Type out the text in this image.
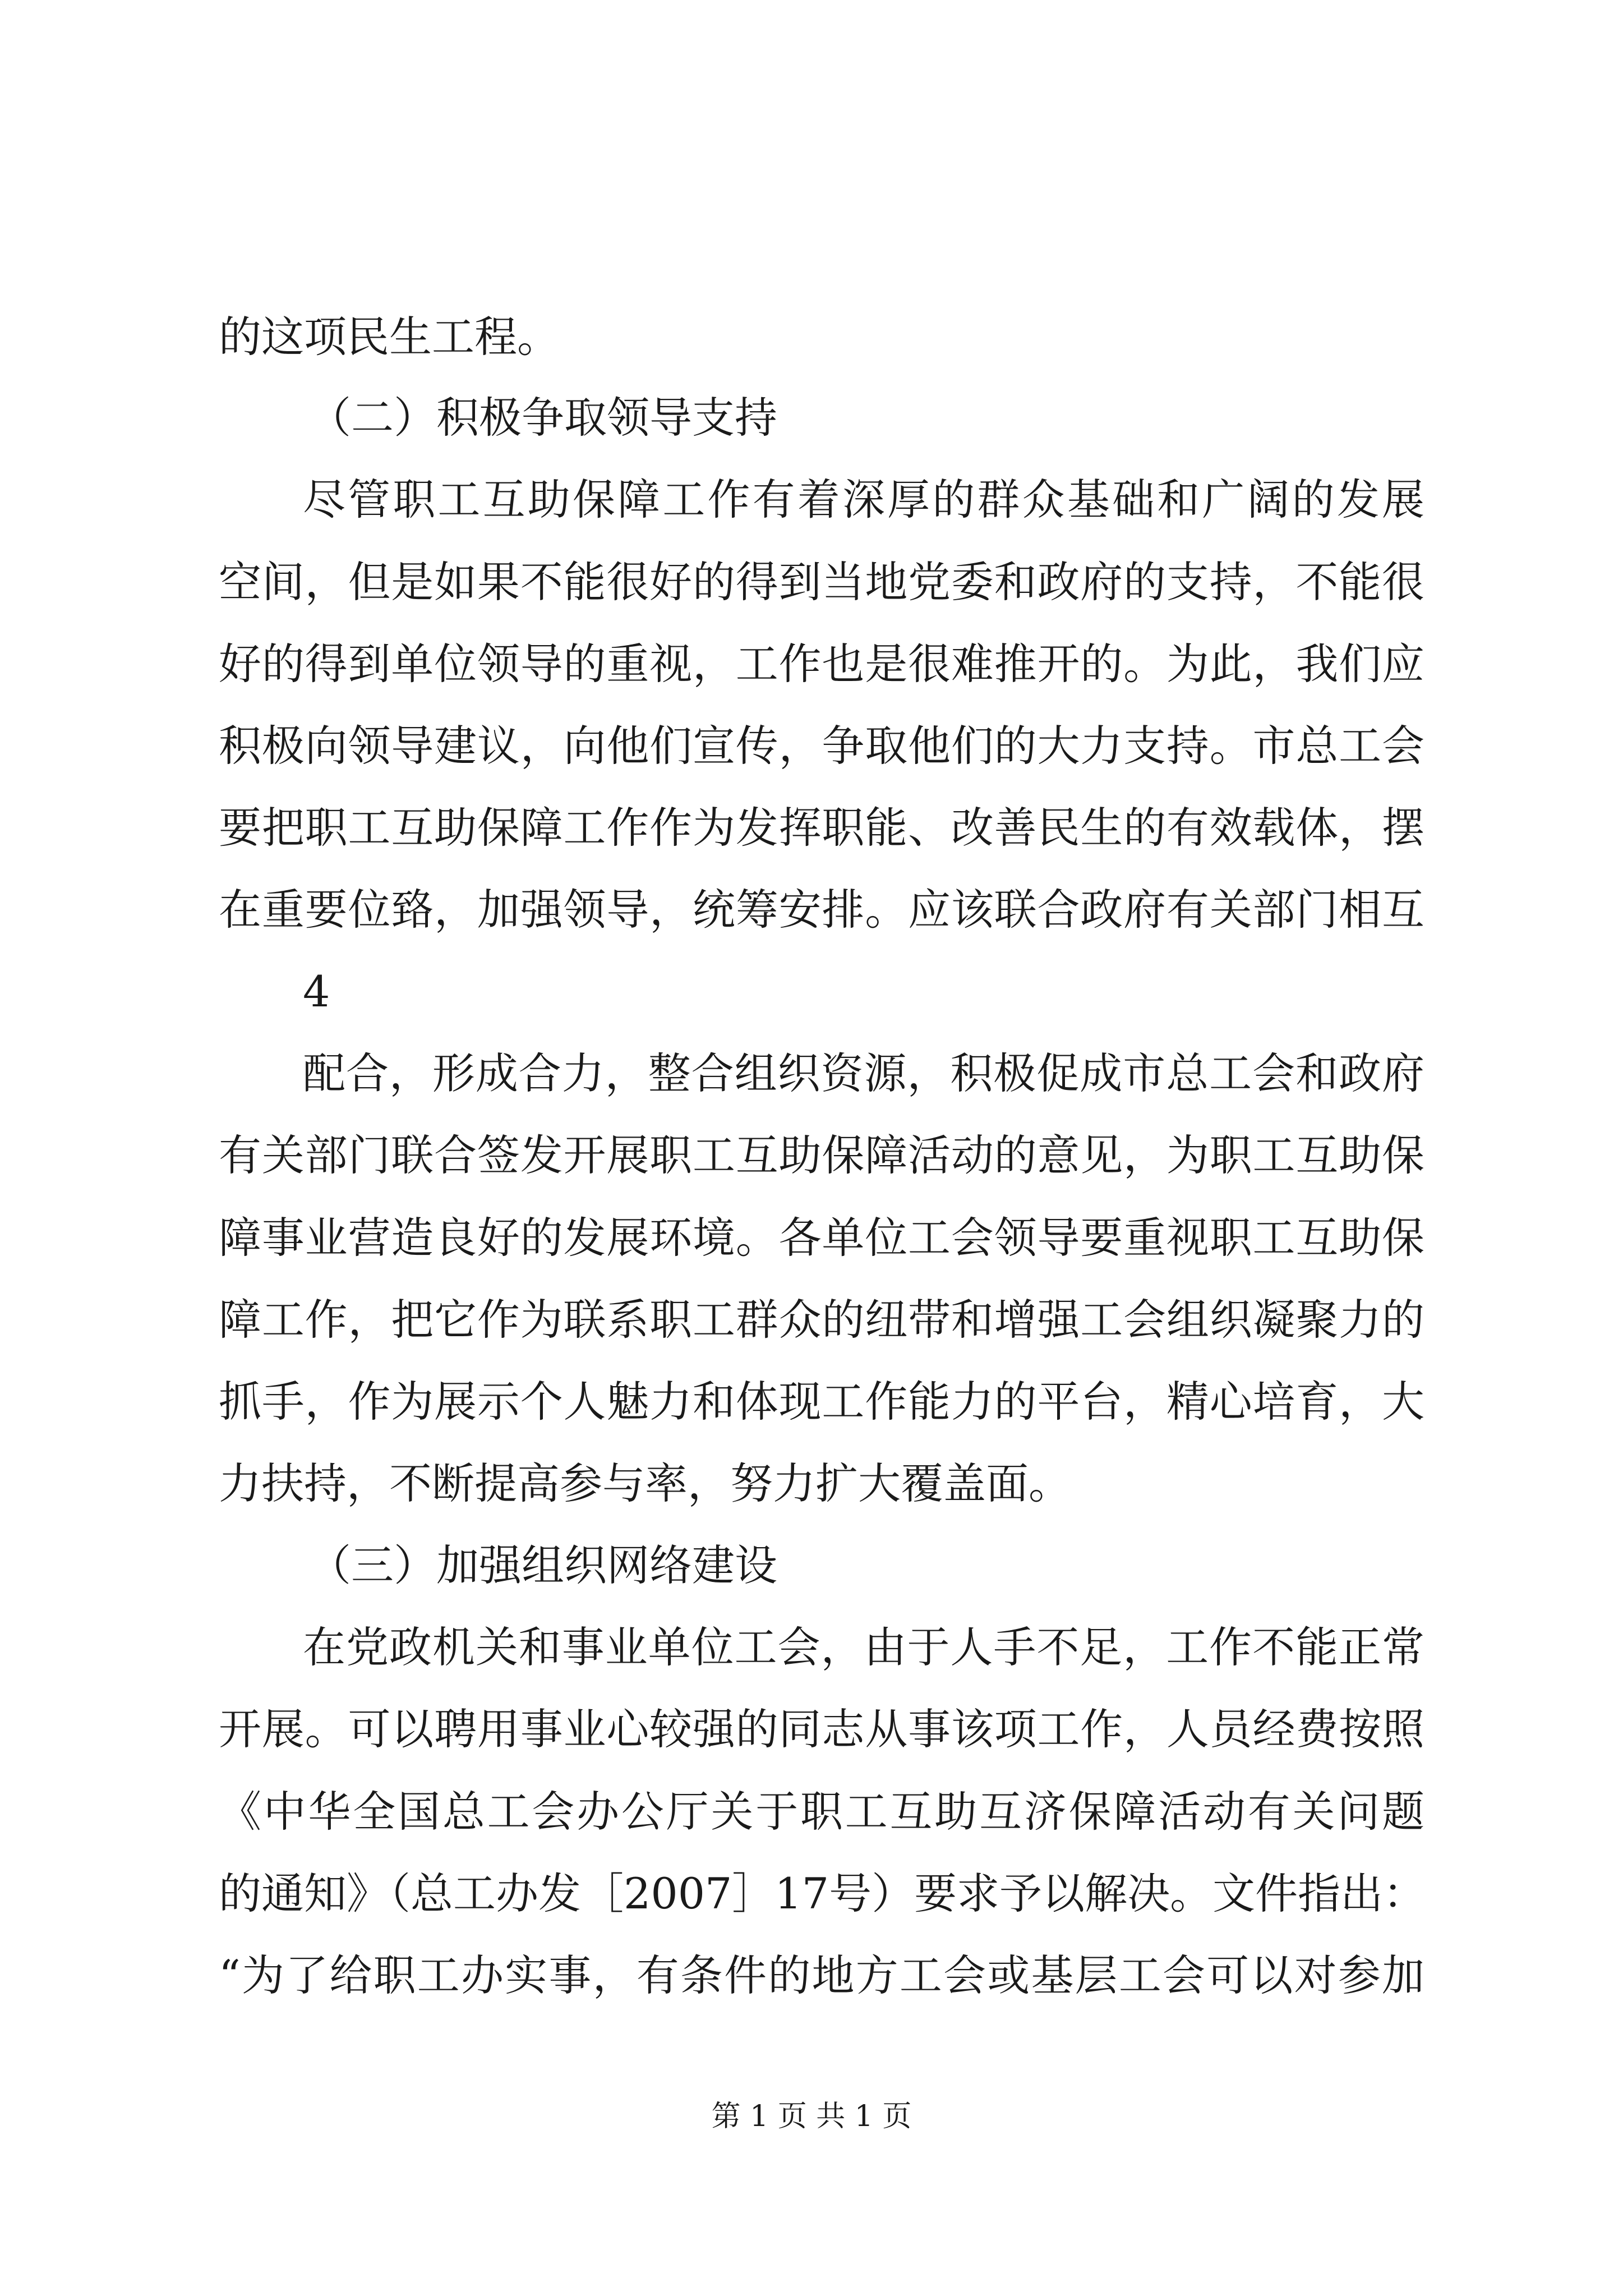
的这项民生工程。
（二）积极争取领导支持
尽管职工互助保障工作有着深厚的群众基础和广阔的发展
空间，但是如果不能很好的得到当地党委和政府的支持，不能很
好的得到单位领导的重视，工作也是很难推开的。为此，我们应
积极向领导建议，向他们宣传，争取他们的大力支持。市总工会
要把职工互助保障工作作为发挥职能、改善民生的有效载体，摆
在重要位臵，加强领导，统筹安排。应该联合政府有关部门相互
4
配合，形成合力，整合组织资源，积极促成市总工会和政府
有关部门联合签发开展职工互助保障活动的意见，为职工互助保
障事业营造良好的发展环境。各单位工会领导要重视职工互助保
障工作，把它作为联系职工群众的纽带和增强工会组织凝聚力的
抓手，作为展示个人魅力和体现工作能力的平台，精心培育，大
力扶持，不断提高参与率，努力扩大覆盖面。
（三）加强组织网络建设
在党政机关和事业单位工会，由于人手不足，工作不能正常
开展。可以聘用事业心较强的同志从事该项工作，人员经费按照
《中华全国总工会办公厅关于职工互助互济保障活动有关问题
的通知》（总工办发［2007］17号）要求予以解决。文件指出：
“为了给职工办实事，有条件的地方工会或基层工会可以对参加
第 1 页 共 1 页
